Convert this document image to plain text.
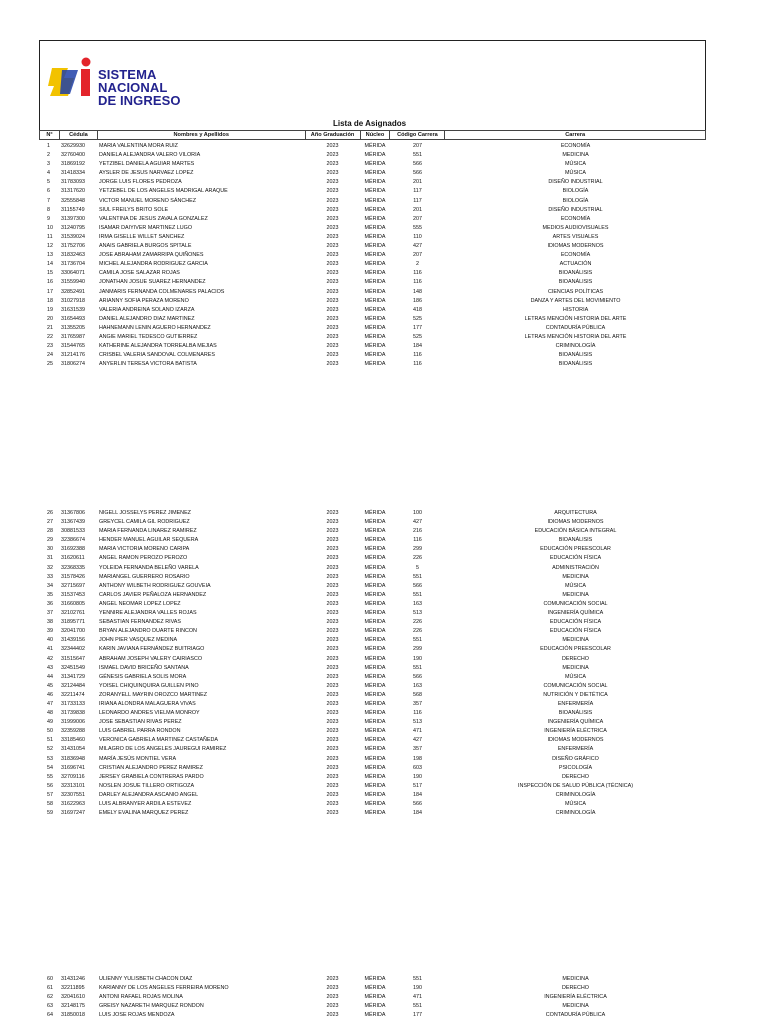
SISTEMA NACIONAL
DE INGRESO
Lista de Asignados
N°	Cédula	Nombres y Apellidos	Año Graduación	Núcleo	Código Carrera	Carrera
1	32629930	MARIA VALENTINA MORA RUIZ	2023	MÉRIDA	207	ECONOMÍA
2	32760400	DANIELA ALEJANDRA VALERO VILORIA	2023	MÉRIDA	551	MEDICINA
3	31869192	YETZIBEL DANIELA AGUIAR MARTES	2023	MÉRIDA	566	MÚSICA
4	31418334	AYSLER DE JESUS NARVAEZ LOPEZ	2023	MÉRIDA	566	MÚSICA
5	31783093	JORGE LUIS FLORES PEDROZA	2023	MÉRIDA	201	DISEÑO INDUSTRIAL
6	31317620	YETZEBEL DE LOS ANGELES MADRIGAL ARAQUE	2023	MÉRIDA	117	BIOLOGÍA
7	32555848	VICTOR MANUEL MORENO SÁNCHEZ	2023	MÉRIDA	117	BIOLOGÍA
8	31155749	SIUL FREILYS BRITO SOLE	2023	MÉRIDA	201	DISEÑO INDUSTRIAL
9	31397300	VALENTINA DE JESUS ZAVALA GONZALEZ	2023	MÉRIDA	207	ECONOMÍA
10	31240795	ISAMAR DAIYIVER MARTINEZ LUGO	2023	MÉRIDA	555	MEDIOS AUDIOVISUALES
11	31539024	IRMA GISELLE WILLET SANCHEZ	2023	MÉRIDA	110	ARTES VISUALES
12	31752706	ANAIS GABRIELA BURGOS SPITALE	2023	MÉRIDA	427	IDIOMAS MODERNOS
13	31832463	JOSE ABRAHAM ZAMARRIPA QUIÑONES	2023	MÉRIDA	207	ECONOMÍA
14	31736704	MICHEL ALEJANDRA RODRIGUEZ GARCIA	2023	MÉRIDA	2	ACTUACIÓN
15	33064071	CAMILA JOSE SALAZAR ROJAS	2023	MÉRIDA	116	BIOANÁLISIS
16	31559940	JONATHAN JOSUE SUAREZ HERNANDEZ	2023	MÉRIDA	116	BIOANÁLISIS
17	32852491	JANMARIS FERNANDA COLMENARES PALACIOS	2023	MÉRIDA	148	CIENCIAS POLÍTICAS
18	31027918	ARIANNY SOFIA PERAZA MORENO	2023	MÉRIDA	186	DANZA Y ARTES DEL MOVIMIENTO
19	31631539	VALERIA ANDREINA SOLANO IZARZA	2023	MÉRIDA	418	HISTORIA
20	31654493	DANIEL ALEJANDRO DIAZ MARTINEZ	2023	MÉRIDA	525	LETRAS MENCIÓN HISTORIA DEL ARTE
21	31355205	HAHNEMANN LENIN AGUERO HERNANDEZ	2023	MÉRIDA	177	CONTADURÍA PÚBLICA
22	31765987	ANGIE MARIEL TEDESCO GUTIERREZ	2023	MÉRIDA	525	LETRAS MENCIÓN HISTORIA DEL ARTE
23	31544765	KATHERINE ALEJANDRA TORREALBA MEJIAS	2023	MÉRIDA	184	CRIMINOLOGÍA
24	31214176	CRISBEL VALERIA SANDOVAL COLMENARES	2023	MÉRIDA	116	BIOANÁLISIS
25	31806274	ANYERLIN TERESA VICTORA BATISTA	2023	MÉRIDA	116	BIOANÁLISIS
26	31367806	NIGELL JOSSELYS PEREZ JIMENEZ	2023	MÉRIDA	100	ARQUITECTURA
27	31367439	GREYCEL CAMILA GIL RODRIGUEZ	2023	MÉRIDA	427	IDIOMAS MODERNOS
28	30881533	MARIA FERNANDA LINAREZ RAMIREZ	2023	MÉRIDA	216	EDUCACIÓN BÁSICA INTEGRAL
29	32386674	HENDER MANUEL AGUILAR SEQUERA	2023	MÉRIDA	116	BIOANÁLISIS
30	31692388	MARIA VICTORIA MORENO CARIPA	2023	MÉRIDA	299	EDUCACIÓN PREESCOLAR
31	31620611	ANGEL RAMON PEROZO PEROZO	2023	MÉRIDA	226	EDUCACIÓN FÍSICA
32	32368335	YOLEIDA FERNANDA BELEÑO VARELA	2023	MÉRIDA	5	ADMINISTRACIÓN
33	31578426	MARIANGEL GUERRERO ROSARIO	2023	MÉRIDA	551	MEDICINA
34	32715697	ANTHONY WILBETH RODRIGUEZ GOUVEIA	2023	MÉRIDA	566	MÚSICA
35	31537453	CARLOS JAVIER PEÑALOZA HERNANDEZ	2023	MÉRIDA	551	MEDICINA
36	31660805	ANGEL NEOMAR LOPEZ LOPEZ	2023	MÉRIDA	163	COMUNICACIÓN SOCIAL
37	32102761	YENNIRE ALEJANDRA VALLES ROJAS	2023	MÉRIDA	513	INGENIERÍA QUÍMICA
38	31895771	SEBASTIAN FERNANDEZ RIVAS	2023	MÉRIDA	226	EDUCACIÓN FÍSICA
39	32041700	BRYAN ALEJANDRO DUARTE RINCON	2023	MÉRIDA	226	EDUCACIÓN FÍSICA
40	31439156	JOHN PIER VASQUEZ MEDINA	2023	MÉRIDA	551	MEDICINA
41	32344402	KARIN JAVIANA FERNÁNDEZ BUITRIAGO	2023	MÉRIDA	299	EDUCACIÓN PREESCOLAR
42	31515647	ABRAHAM JOSEPH VALERY CAIRIASCO	2023	MÉRIDA	190	DERECHO
43	32451549	ISMAEL DAVID BRICEÑO SANTANA	2023	MÉRIDA	551	MEDICINA
44	31341729	GÉNESIS GABRIELA SOLIS MORA	2023	MÉRIDA	566	MÚSICA
45	32124484	YOISEL CHIQUINQUIRA GUILLEN PINO	2023	MÉRIDA	163	COMUNICACIÓN SOCIAL
46	32211474	ZORANYELL MAYRIN OROZCO MARTINEZ	2023	MÉRIDA	568	NUTRICIÓN Y DIETÉTICA
47	31733133	IRIANA ALONDRA MALAGUERA VIVAS	2023	MÉRIDA	357	ENFERMERÍA
48	31739838	LEONARDO ANDRES VIELMA MONROY	2023	MÉRIDA	116	BIOANÁLISIS
49	31999006	JOSE SEBASTIAN RIVAS PEREZ	2023	MÉRIDA	513	INGENIERÍA QUÍMICA
50	32359288	LUIS GABRIEL PARRA RONDON	2023	MÉRIDA	471	INGENIERÍA ELÉCTRICA
51	33185460	VERONICA GABRIELA MARTINEZ CASTAÑEDA	2023	MÉRIDA	427	IDIOMAS MODERNOS
52	31431054	MILAGRO DE LOS ANGELES JAUREGUI RAMIREZ	2023	MÉRIDA	357	ENFERMERÍA
53	31836948	MARÍA JESÚS MONTIEL VERA	2023	MÉRIDA	198	DISEÑO GRÁFICO
54	31696741	CRISTIAN ALEJANDRO PEREZ RAMIREZ	2023	MÉRIDA	603	PSICOLOGÍA
55	32709116	JERSEY GRABIELA CONTRERAS PARDO	2023	MÉRIDA	190	DERECHO
56	32313101	NOSLEN JOSUE TILLERO ORTIGOZA	2023	MÉRIDA	517	INSPECCIÓN DE SALUD PÚBLICA (TÉCNICA)
57	32307551	DARLEY ALEJANDRA ASCANIO ANGEL	2023	MÉRIDA	184	CRIMINOLOGÍA
58	31622963	LUIS ALBRANYER ARDILA ESTEVEZ	2023	MÉRIDA	566	MÚSICA
59	31697247	EMELY EVALINA MARQUEZ PEREZ	2023	MÉRIDA	184	CRIMINOLOGÍA
60	31431246	ULIENNY YULISBETH CHACON DIAZ	2023	MÉRIDA	551	MEDICINA
61	32211895	KARIANNY DE LOS ANGELES FERREIRA MORENO	2023	MÉRIDA	190	DERECHO
62	32041610	ANTONI RAFAEL ROJAS MOLINA	2023	MÉRIDA	471	INGENIERÍA ELÉCTRICA
63	32148175	GREISY NAZARETH MARQUEZ RONDON	2023	MÉRIDA	551	MEDICINA
64	31850018	LUIS JOSE ROJAS MENDOZA	2023	MÉRIDA	177	CONTADURÍA PÚBLICA
